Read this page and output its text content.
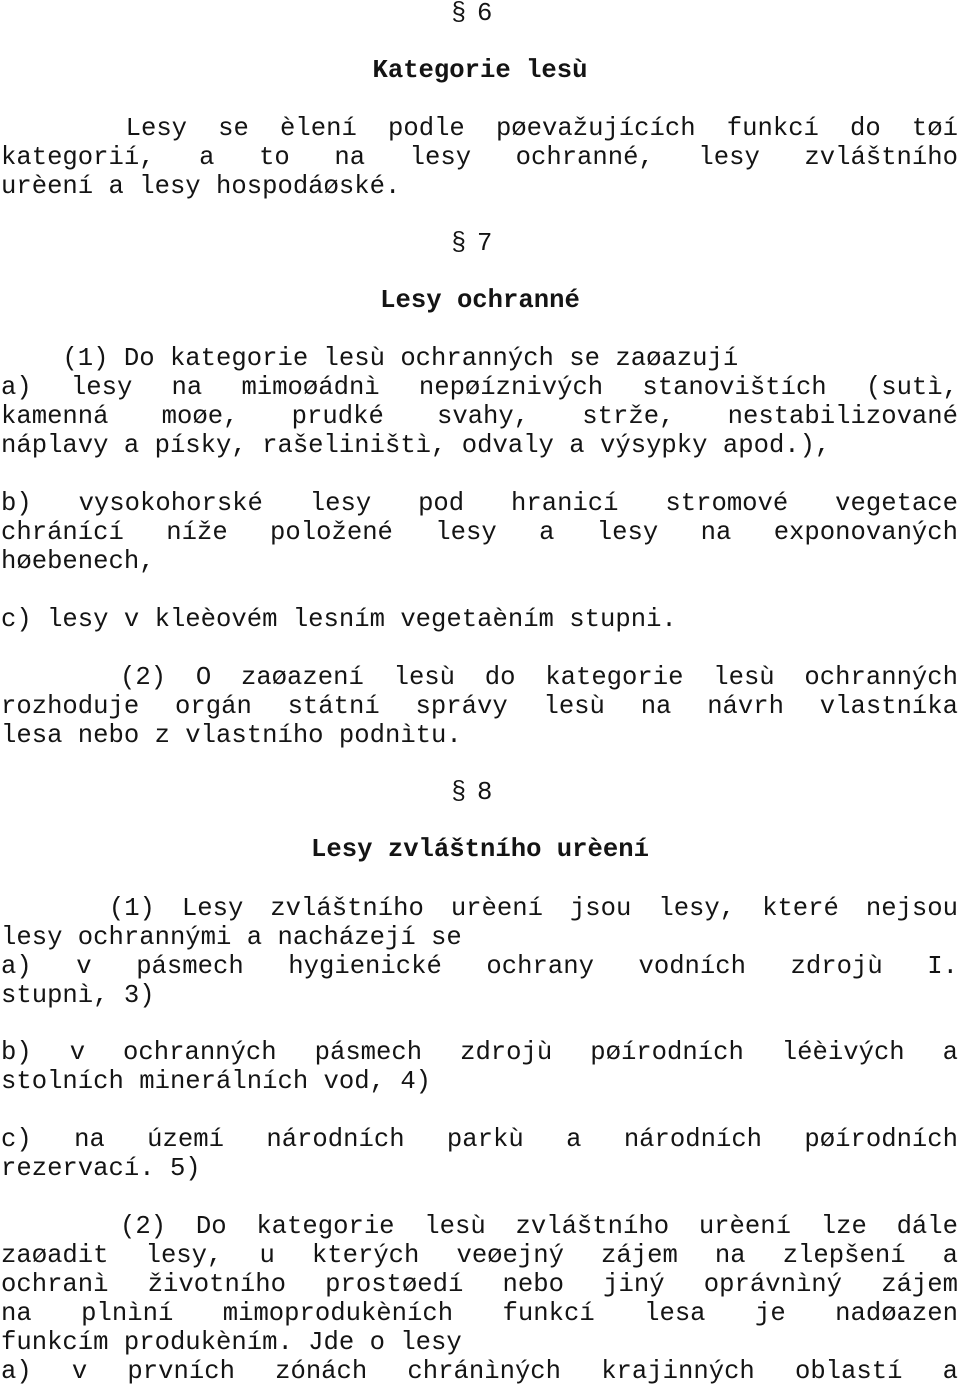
§ 6
Kategorie lesù
Lesy se èlení podle pøevažujících funkcí do tøí
kategorií, a to na lesy ochranné, lesy zvláštního
urèení a lesy hospodáøské.
§ 7
Lesy ochranné
(1) Do kategorie lesù ochranných se zaøazují
a) lesy na mimoøádnì nepøíznivých stanovištích (sutì,
kamenná moøe, prudké svahy, strže, nestabilizované
náplavy a písky, rašeliništì, odvaly a výsypky apod.),
b) vysokohorské lesy pod hranicí stromové vegetace
chránící níže položené lesy a lesy na exponovaných
høebenech,
c) lesy v kleèovém lesním vegetaèním stupni.
(2) O zaøazení lesù do kategorie lesù ochranných
rozhoduje orgán státní správy lesù na návrh vlastníka
lesa nebo z vlastního podnìtu.
§ 8
Lesy zvláštního urèení
(1) Lesy zvláštního urèení jsou lesy, které nejsou
lesy ochrannými a nacházejí se
a) v pásmech hygienické ochrany vodních zdrojù I.
stupnì, 3)
b) v ochranných pásmech zdrojù pøírodních léèivých a
stolních minerálních vod, 4)
c) na území národních parkù a národních pøírodních
rezervací. 5)
(2) Do kategorie lesù zvláštního urèení lze dále
zaøadit lesy, u kterých veøejný zájem na zlepšení a
ochranì životního prostøedí nebo jiný oprávnìný zájem
na plnìní mimoprodukèních funkcí lesa je nadøazen
funkcím produkèním. Jde o lesy
a) v prvních zónách chránìných krajinných oblastí a
